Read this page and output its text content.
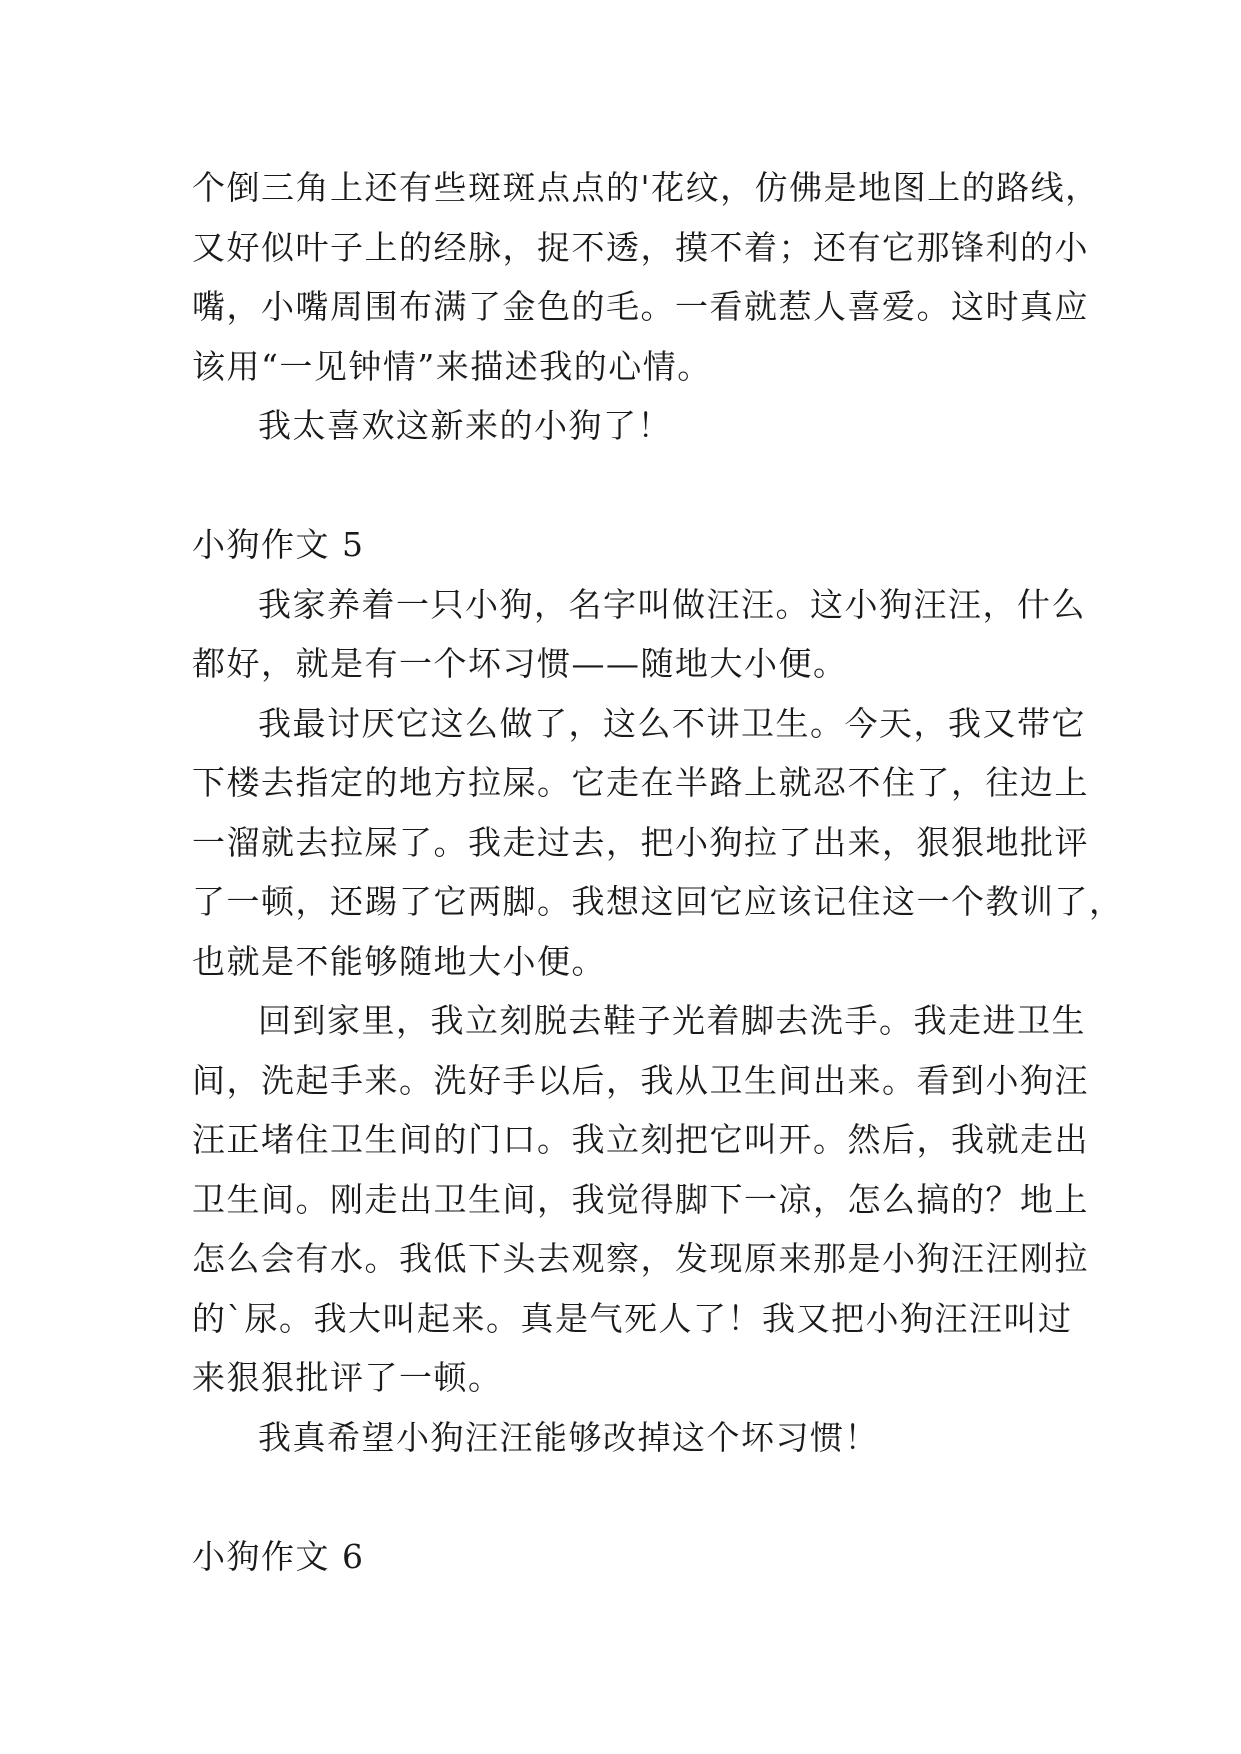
个倒三角上还有些斑斑点点的'花纹，仿佛是地图上的路线，
又好似叶子上的经脉，捉不透，摸不着；还有它那锋利的小
嘴，小嘴周围布满了金色的毛。一看就惹人喜爱。这时真应
该用“一见钟情”来描述我的心情。
我太喜欢这新来的小狗了！
小狗作文 5
我家养着一只小狗，名字叫做汪汪。这小狗汪汪，什么
都好，就是有一个坏习惯——随地大小便。
我最讨厌它这么做了，这么不讲卫生。今天，我又带它
下楼去指定的地方拉屎。它走在半路上就忍不住了，往边上
一溜就去拉屎了。我走过去，把小狗拉了出来，狠狠地批评
了一顿，还踢了它两脚。我想这回它应该记住这一个教训了，
也就是不能够随地大小便。
回到家里，我立刻脱去鞋子光着脚去洗手。我走进卫生
间，洗起手来。洗好手以后，我从卫生间出来。看到小狗汪
汪正堵住卫生间的门口。我立刻把它叫开。然后，我就走出
卫生间。刚走出卫生间，我觉得脚下一凉，怎么搞的？地上
怎么会有水。我低下头去观察，发现原来那是小狗汪汪刚拉
的`尿。我大叫起来。真是气死人了！我又把小狗汪汪叫过
来狠狠批评了一顿。
我真希望小狗汪汪能够改掉这个坏习惯！
小狗作文 6
